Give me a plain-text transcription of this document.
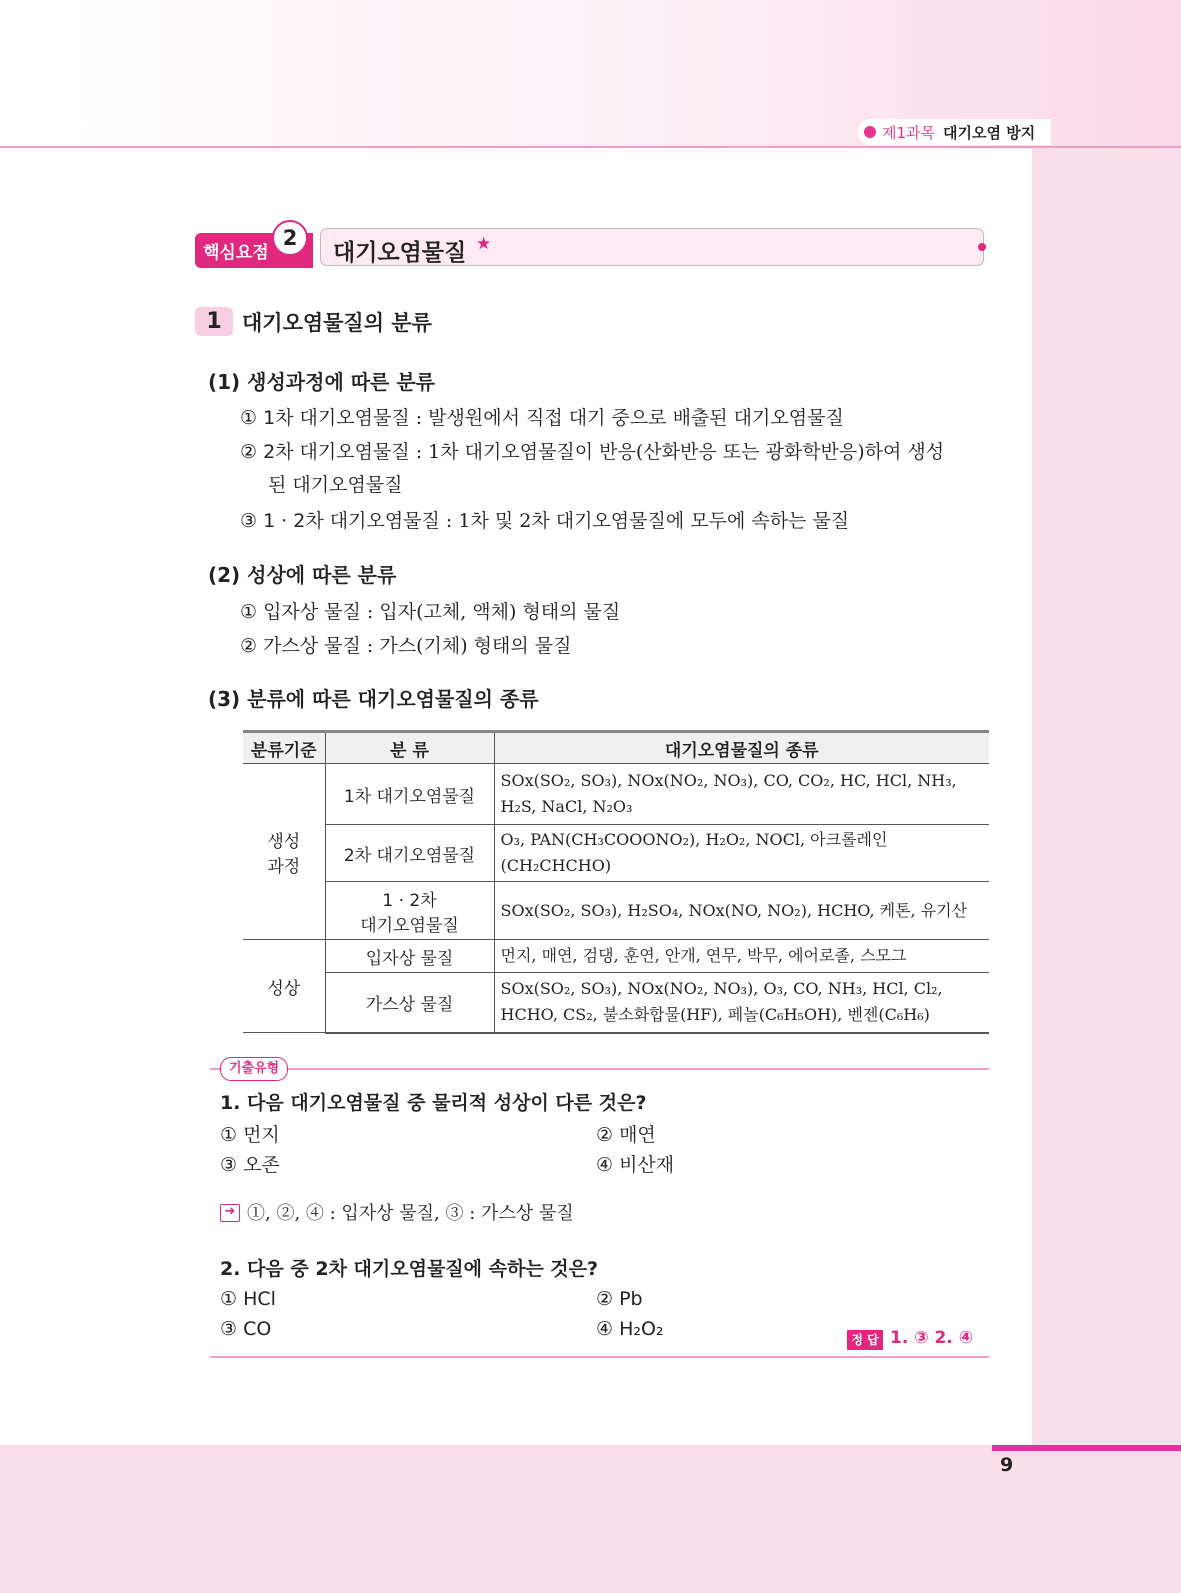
9
제1과목 대기오염 방지
핵심요점
2
대기오염물질 ★
1 대기오염물질의 분류
(1) 생성과정에 따른 분류
① 1차 대기오염물질 : 발생원에서 직접 대기 중으로 배출된 대기오염물질
② 2차 대기오염물질 : 1차 대기오염물질이 반응(산화반응 또는 광화학반응)하여 생성
된 대기오염물질
③ 1 · 2차 대기오염물질 : 1차 및 2차 대기오염물질에 모두에 속하는 물질
(2) 성상에 따른 분류
① 입자상 물질 : 입자(고체, 액체) 형태의 물질
② 가스상 물질 : 가스(기체) 형태의 물질
(3) 분류에 따른 대기오염물질의 종류
분류기준	분 류	대기오염물질의 종류
생성
과정	1차 대기오염물질	SOx(SO₂, SO₃), NOx(NO₂, NO₃), CO, CO₂, HC, HCl, NH₃, H₂S, NaCl, N₂O₃
	2차 대기오염물질	O₃, PAN(CH₃COOONO₂), H₂O₂, NOCl, 아크롤레인(CH₂CHCHO)
	1 · 2차
대기오염물질	SOx(SO₂, SO₃), H₂SO₄, NOx(NO, NO₂), HCHO, 케톤, 유기산
성상	입자상 물질	먼지, 매연, 검댕, 훈연, 안개, 연무, 박무, 에어로졸, 스모그
	가스상 물질	SOx(SO₂, SO₃), NOx(NO₂, NO₃), O₃, CO, NH₃, HCl, Cl₂, HCHO, CS₂, 불소화합물(HF), 페놀(C₆H₅OH), 벤젠(C₆H₆)
기출유형
1. 다음 대기오염물질 중 물리적 성상이 다른 것은?
① 먼지	② 매연
③ 오존	④ 비산재
➜ ①, ②, ④ : 입자상 물질, ③ : 가스상 물질
2. 다음 중 2차 대기오염물질에 속하는 것은?
① HCl	② Pb
③ CO	④ H₂O₂	정 답 1. ③ 2. ④
